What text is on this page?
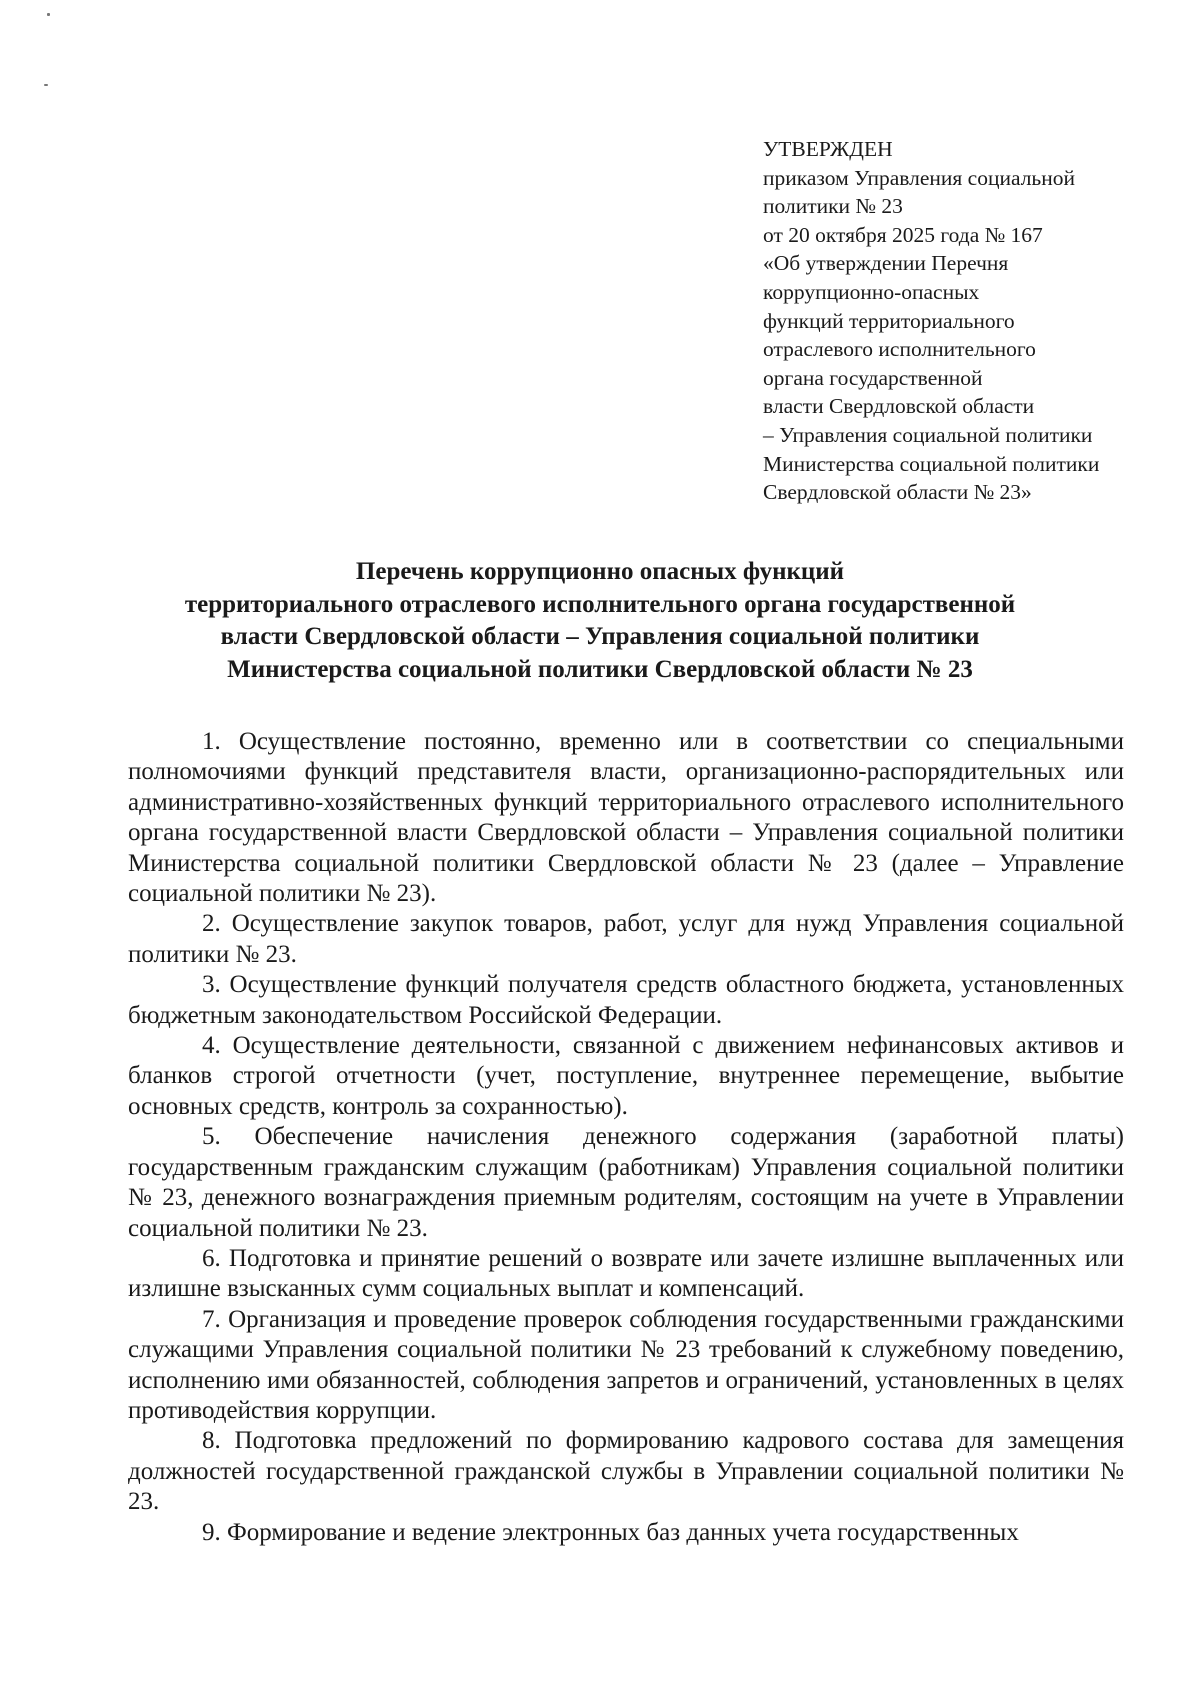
УТВЕРЖДЕН
приказом Управления социальной
политики № 23
от 20 октября 2025 года № 167
«Об утверждении Перечня
коррупционно-опасных
функций территориального
отраслевого исполнительного
органа государственной
власти Свердловской области
– Управления социальной политики
Министерства социальной политики
Свердловской области № 23»
Перечень коррупционно опасных функций
территориального отраслевого исполнительного органа государственной
власти Свердловской области – Управления социальной политики
Министерства социальной политики Свердловской области № 23

1. Осуществление постоянно, временно или в соответствии со специальными полномочиями функций представителя власти, организационно-распорядительных или административно-хозяйственных функций территориального отраслевого исполнительного органа государственной власти Свердловской области – Управления социальной политики Министерства социальной политики Свердловской области № 23 (далее – Управление социальной политики № 23).

2. Осуществление закупок товаров, работ, услуг для нужд Управления социальной политики № 23.

3. Осуществление функций получателя средств областного бюджета, установленных бюджетным законодательством Российской Федерации.

4. Осуществление деятельности, связанной с движением нефинансовых активов и бланков строгой отчетности (учет, поступление, внутреннее перемещение, выбытие основных средств, контроль за сохранностью).

5. Обеспечение начисления денежного содержания (заработной платы) государственным гражданским служащим (работникам) Управления социальной политики № 23, денежного вознаграждения приемным родителям, состоящим на учете в Управлении социальной политики № 23.

6. Подготовка и принятие решений о возврате или зачете излишне выплаченных или излишне взысканных сумм социальных выплат и компенсаций.

7. Организация и проведение проверок соблюдения государственными гражданскими служащими Управления социальной политики № 23 требований к служебному поведению, исполнению ими обязанностей, соблюдения запретов и ограничений, установленных в целях противодействия коррупции.

8. Подготовка предложений по формированию кадрового состава для замещения должностей государственной гражданской службы в Управлении социальной политики № 23.

9. Формирование и ведение электронных баз данных учета государственных
